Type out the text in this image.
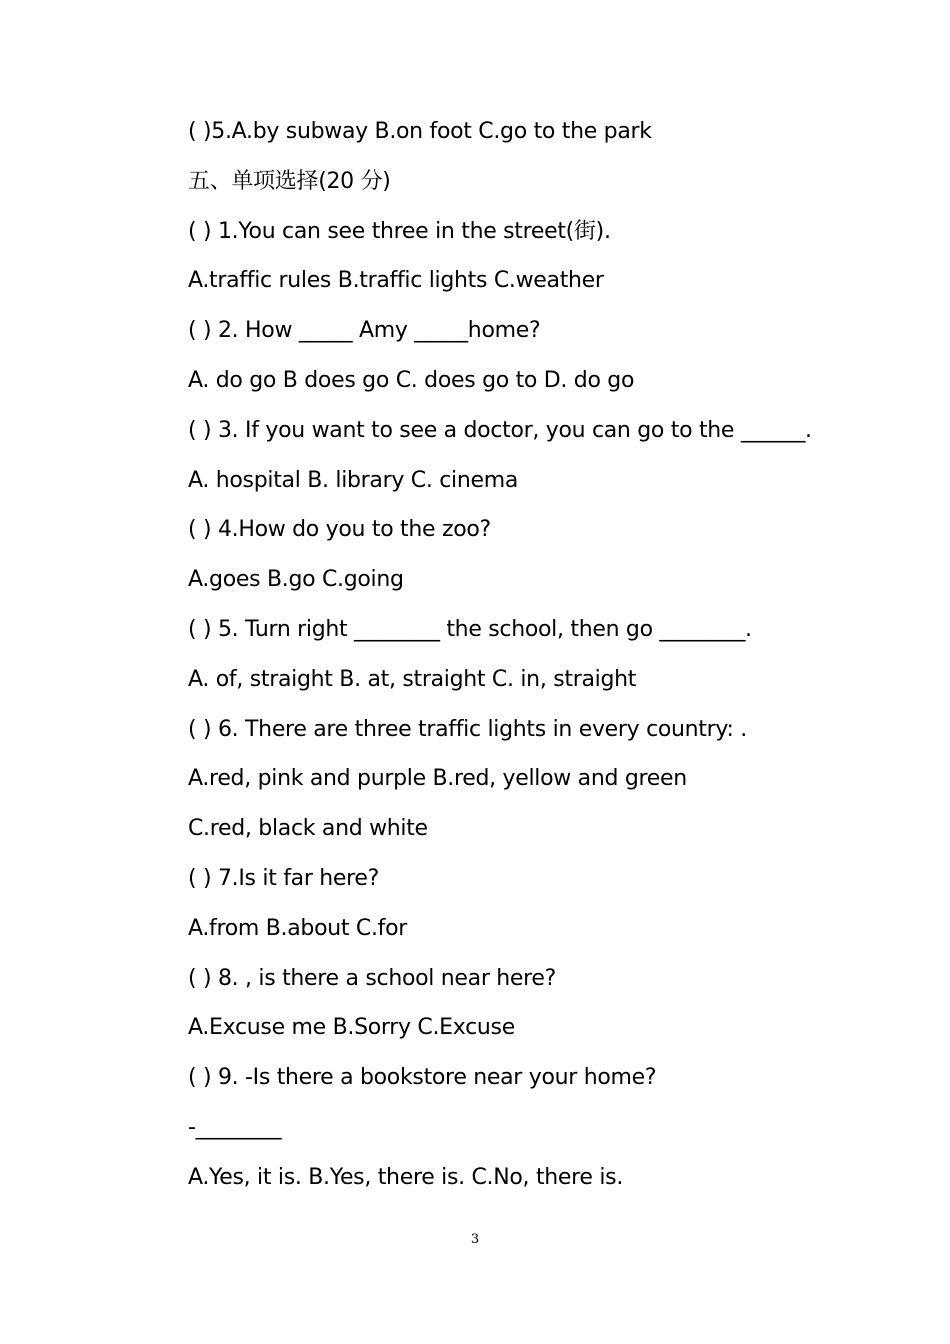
( )5.A.by subway B.on foot C.go to the park
五、单项选择(20 分)
( ) 1.You can see three in the street(街).
A.traffic rules B.traffic lights C.weather
( ) 2. How _____ Amy _____home?
A. do go B does go C. does go to D. do go
( ) 3. If you want to see a doctor, you can go to the ______.
A. hospital B. library C. cinema
( ) 4.How do you to the zoo?
A.goes B.go C.going
( ) 5. Turn right ________ the school, then go ________.
A. of, straight B. at, straight C. in, straight
( ) 6. There are three traffic lights in every country: .
A.red, pink and purple B.red, yellow and green
C.red, black and white
( ) 7.Is it far here?
A.from B.about C.for
( ) 8. , is there a school near here?
A.Excuse me B.Sorry C.Excuse
( ) 9. -Is there a bookstore near your home?
-________
A.Yes, it is. B.Yes, there is. C.No, there is.
3
